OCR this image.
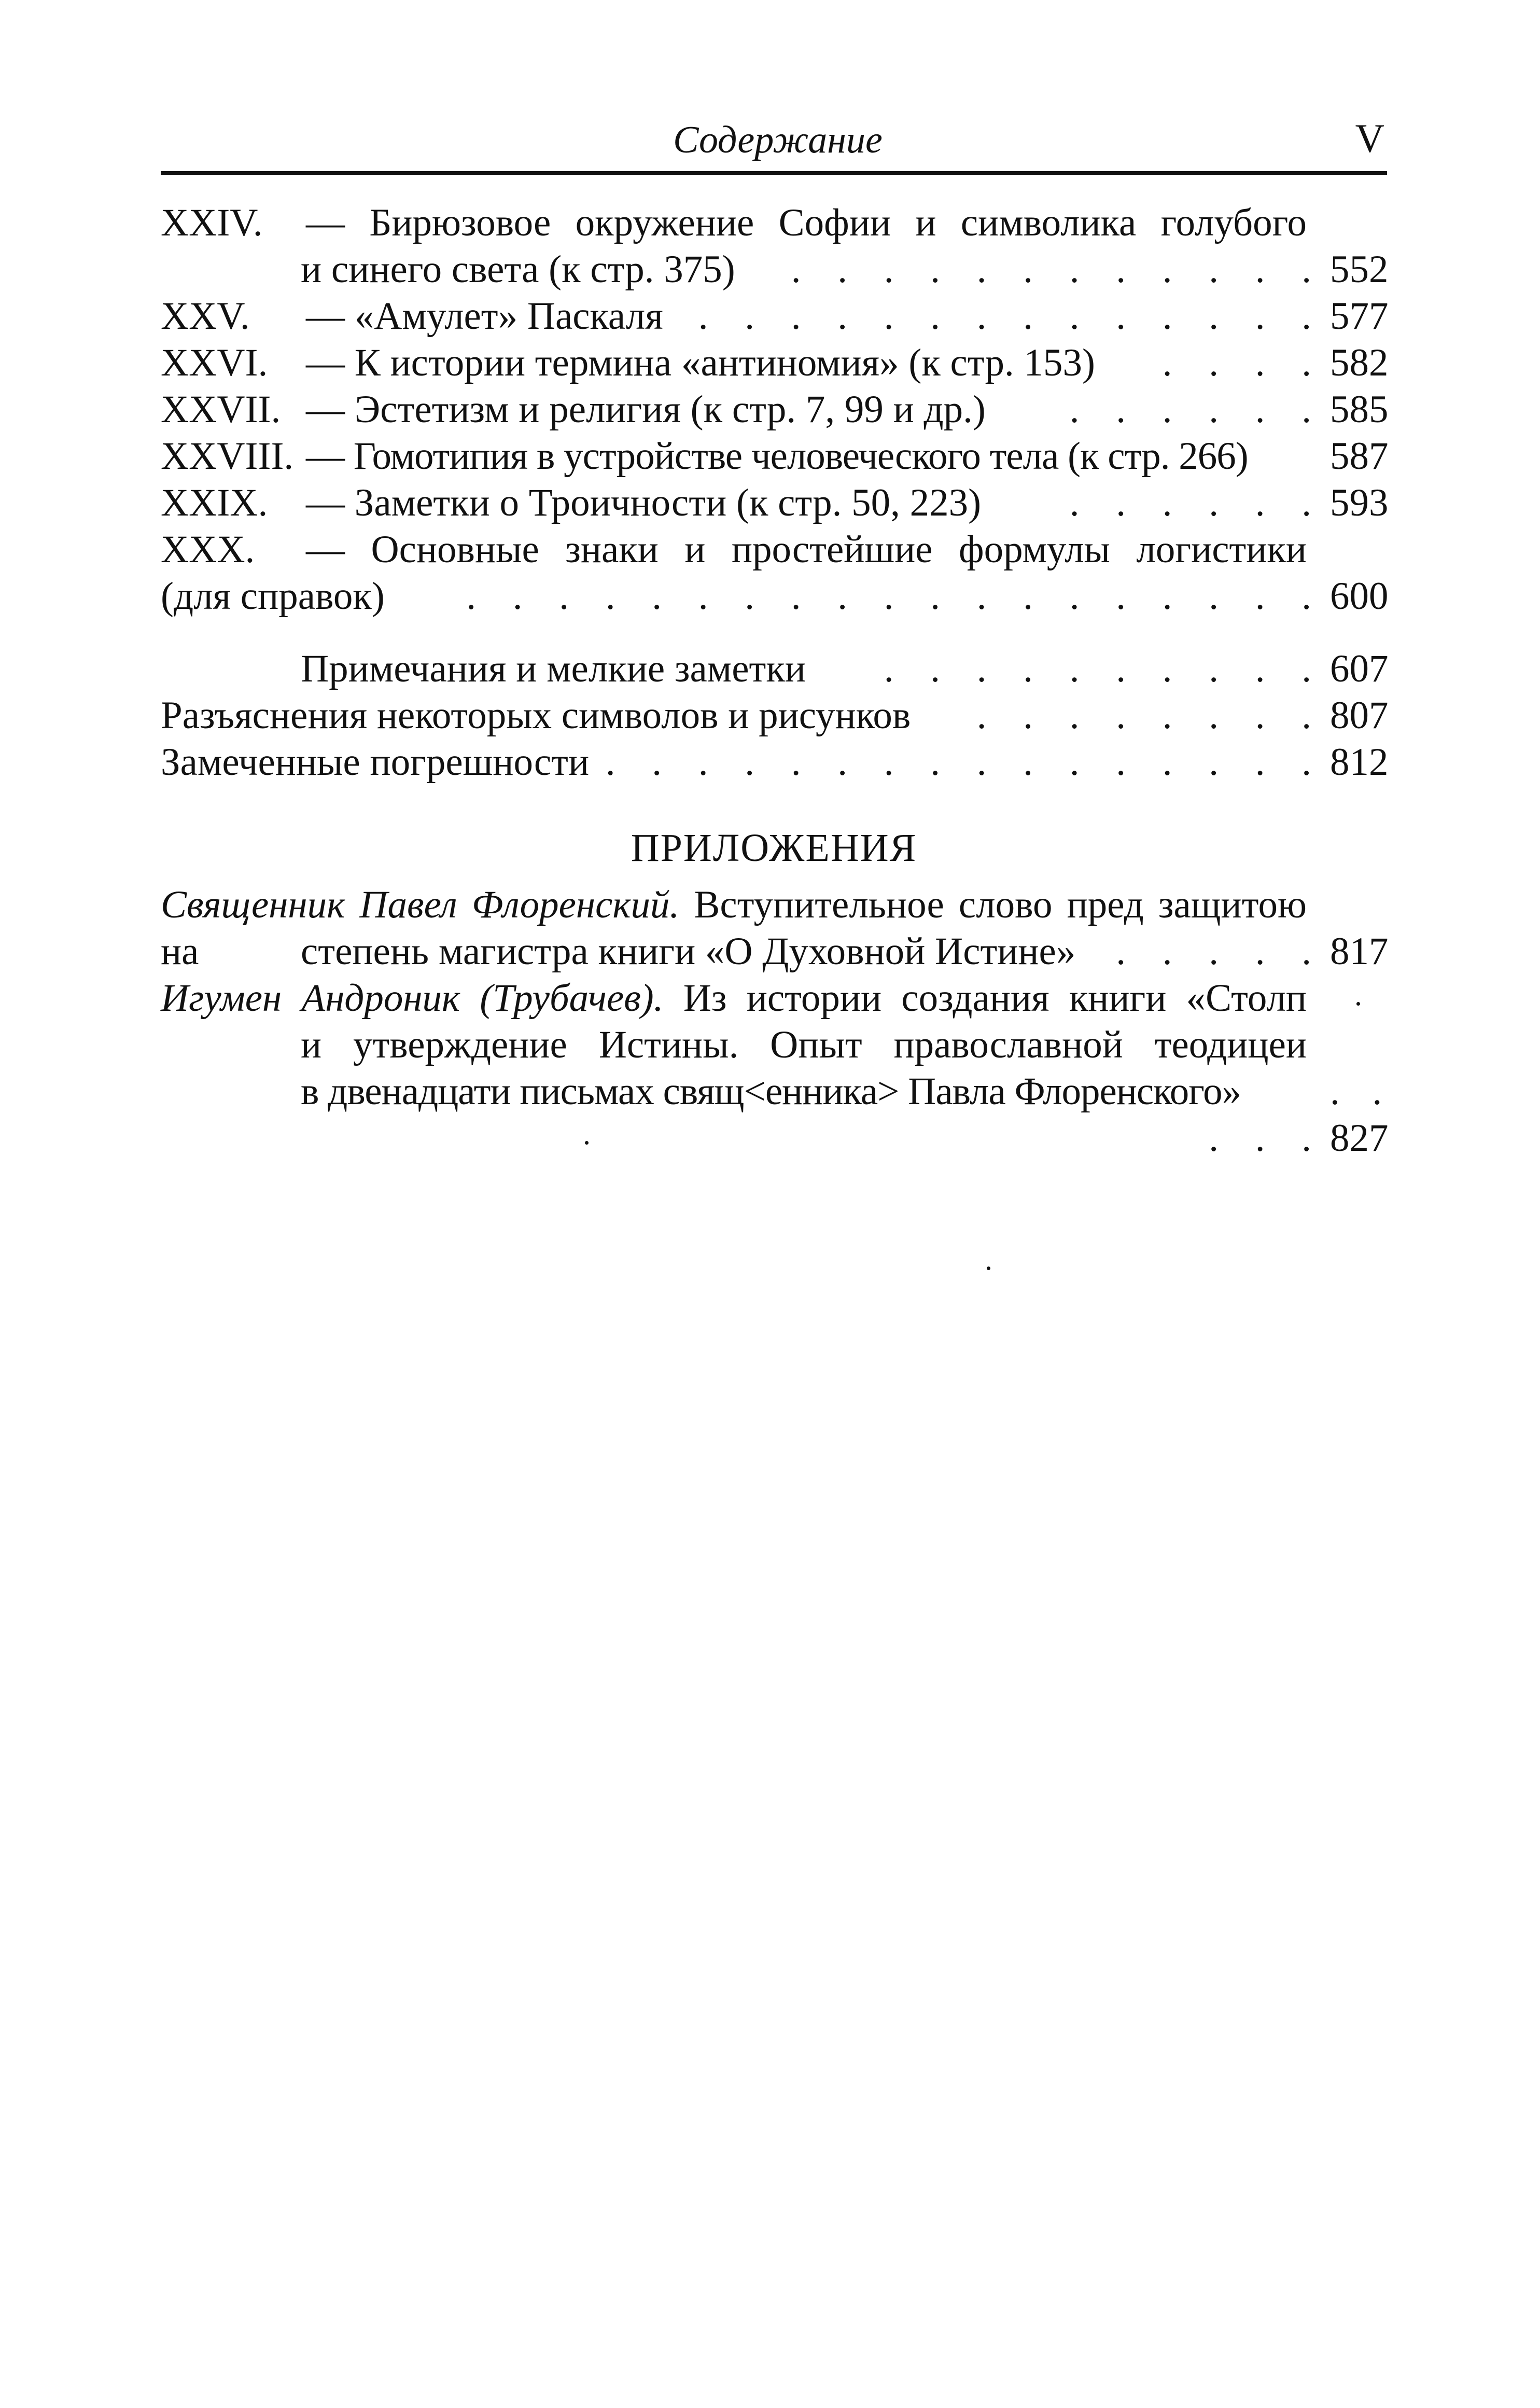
Содержание	V
XXIV. — Бирюзовое окружение Софии и символика голубого
и синего света (к стр. 375) . . . . . . . . . . . . 552
XXV. — «Амулет» Паскаля . . . . . . . . . . . . . . 577
XXVI. — К истории термина «антиномия» (к стр. 153) . . . . 582
XXVII. — Эстетизм и религия (к стр. 7, 99 и др.) . . . . . . 585
XXVIII. — Гомотипия в устройстве человеческого тела (к стр. 266) 587
XXIX. — Заметки о Троичности (к стр. 50, 223) . . . . . . 593
XXX. — Основные знаки и простейшие формулы логистики
(для справок) . . . . . . . . . . . . . . . . . . . 600
Примечания и мелкие заметки . . . . . . . . . . 607
Разъяснения некоторых символов и рисунков . . . . . . . . 807
Замеченные погрешности . . . . . . . . . . . . . . . . 812
ПРИЛОЖЕНИЯ
Священник Павел Флоренский. Вступительное слово пред защитою на	степень магистра книги «О Духовной Истине» . . . . . 817
Игумен Андроник (Трубачев). Из истории создания книги «Столп
и утверждение Истины. Опыт православной теодицеи
в двенадцати письмах свящ<енника> Павла Флоренского» . .
. . . 827
